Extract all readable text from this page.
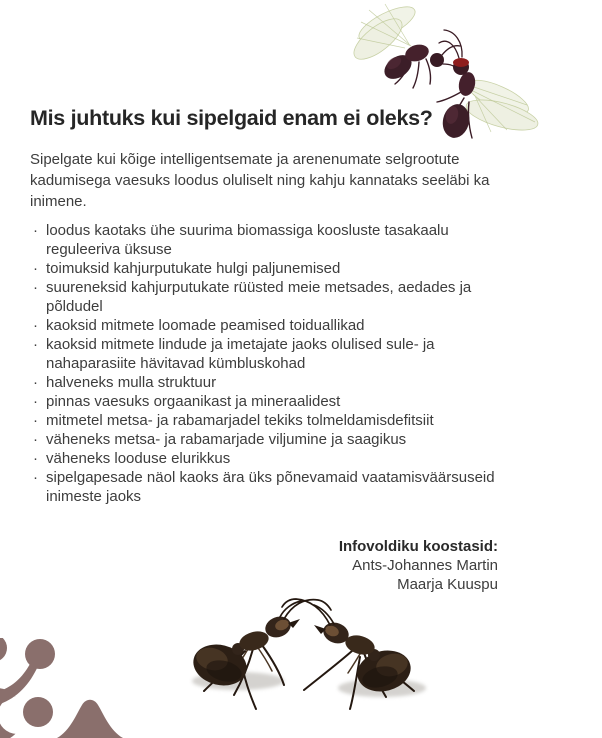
Mis juhtuks kui sipelgaid enam ei oleks?

Sipelgate kui kõige intelligentsemate ja arenenumate selgrootute kadumisega vaesuks loodus oluliselt ning kahju kannataks seeläbi ka inimene.

· loodus kaotaks ühe suurima biomassiga koosluste tasakaalu reguleeriva üksuse
· toimuksid kahjurputukate hulgi paljunemised
· suureneksid kahjurputukate rüüsted meie metsades, aedades ja põldudel
· kaoksid mitmete loomade peamised toiduallikad
· kaoksid mitmete lindude ja imetajate jaoks olulised sule- ja nahaparasiite hävitavad kümbluskohad
· halveneks mulla struktuur
· pinnas vaesuks orgaanikast ja mineraalidest
· mitmetel metsa- ja rabamarjadel tekiks tolmeldamisdefitsiit
· väheneks metsa- ja rabamarjade viljumine ja saagikus
· väheneks looduse elurikkus
· sipelgapesade näol kaoks ära üks põnevamaid vaatamisväärsuseid inimeste jaoks
Infovoldiku koostasid:
Ants-Johannes Martin
Maarja Kuuspu
